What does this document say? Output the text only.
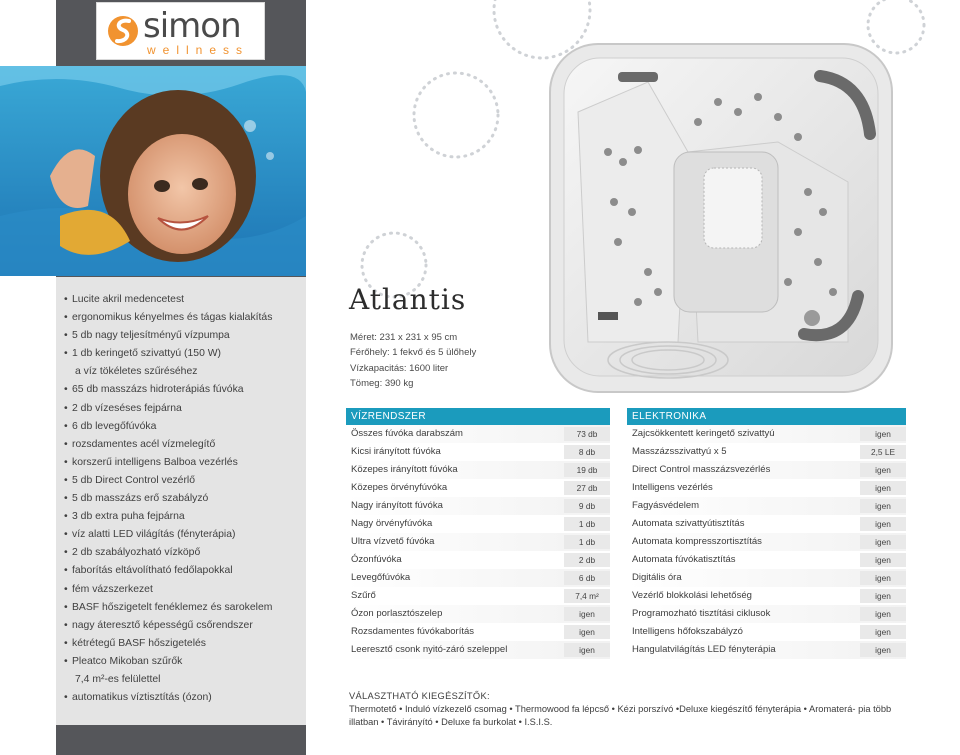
simon
wellness
• Lucite akril medencetest
• ergonomikus kényelmes és tágas kialakítás
• 5 db nagy teljesítményű vízpumpa
• 1 db keringető szivattyú (150 W)
a víz tökéletes szűréséhez
• 65 db masszázs hidroterápiás fúvóka
• 2 db vízeséses fejpárna
• 6 db levegőfúvóka
• rozsdamentes acél vízmelegítő
• korszerű intelligens Balboa vezérlés
• 5 db Direct Control vezérlő
• 5 db masszázs erő szabályzó
• 3 db extra puha fejpárna
• víz alatti LED világítás (fényterápia)
• 2 db szabályozható vízköpő
• faborítás eltávolítható fedőlapokkal
• fém vázszerkezet
• BASF hőszigetelt fenéklemez és sarokelem
• nagy áteresztő képességű csőrendszer
• kétrétegű BASF hőszigetelés
• Pleatco Mikoban szűrők
7,4 m²-es felülettel
• automatikus víztisztítás (ózon)
Atlantis
Méret: 231 x 231 x 95 cm
Férőhely: 1 fekvő és 5 ülőhely
Vízkapacitás: 1600 liter
Tömeg: 390 kg
VÍZRENDSZER
Összes fúvóka darabszám	73 db
Kicsi irányított fúvóka	8 db
Közepes irányított fúvóka	19 db
Közepes örvényfúvóka	27 db
Nagy irányított fúvóka	9 db
Nagy örvényfúvóka	1 db
Ultra vízvető fúvóka	1 db
Ózonfúvóka	2 db
Levegőfúvóka	6 db
Szűrő	7,4 m²
Ózon porlasztószelep	igen
Rozsdamentes fúvókaborítás	igen
Leeresztő csonk nyitó-záró szeleppel	igen
ELEKTRONIKA
Zajcsökkentett keringető szivattyú	igen
Masszázsszivattyú x 5	2,5 LE
Direct Control masszázsvezérlés	igen
Intelligens vezérlés	igen
Fagyásvédelem	igen
Automata szivattyútisztítás	igen
Automata kompresszortisztítás	igen
Automata fúvókatisztítás	igen
Digitális óra	igen
Vezérlő blokkolási lehetőség	igen
Programozható tisztítási ciklusok	igen
Intelligens hőfokszabályzó	igen
Hangulatvilágítás LED fényterápia	igen
VÁLASZTHATÓ KIEGÉSZÍTŐK:
Thermotető • Induló vízkezelő csomag • Thermowood fa lépcső • Kézi porszívó •Deluxe kiegészítő fényterápia • Aromaterá- pia több illatban • Távirányító • Deluxe fa burkolat • I.S.I.S.
